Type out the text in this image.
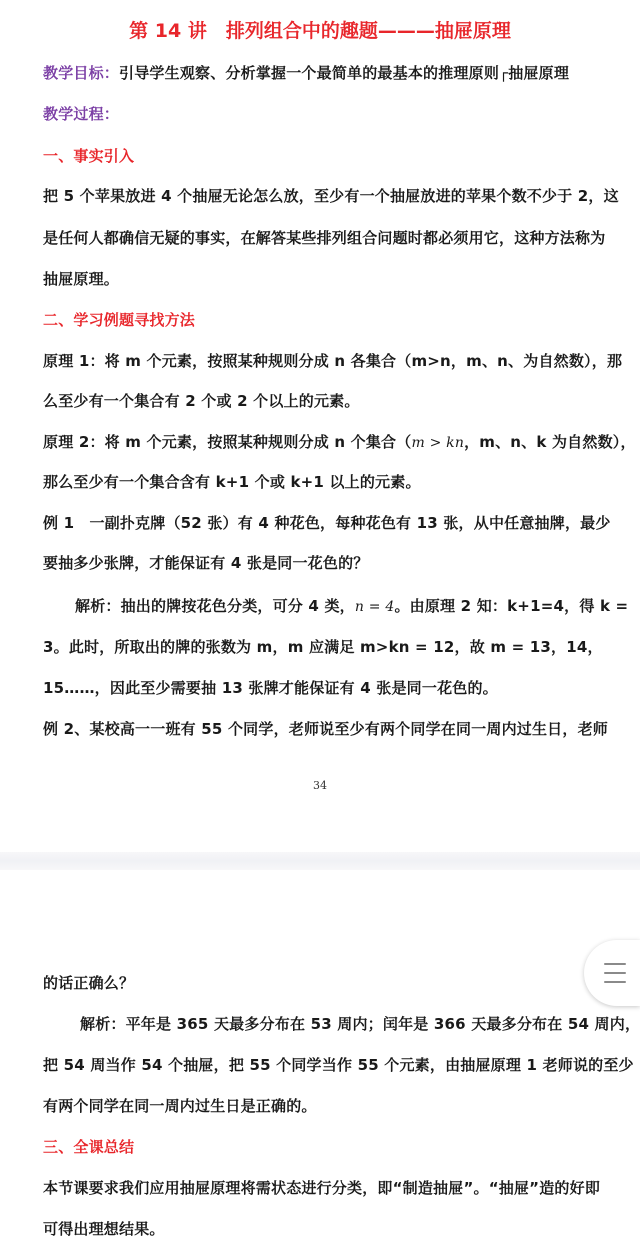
第 14 讲　排列组合中的趣题———抽屉原理
教学目标：引导学生观察、分析掌握一个最简单的最基本的推理原则┌抽屉原理
教学过程：
一、事实引入
把 5 个苹果放进 4 个抽屉无论怎么放，至少有一个抽屉放进的苹果个数不少于 2，这
是任何人都确信无疑的事实，在解答某些排列组合问题时都必须用它，这种方法称为
抽屉原理。
二、学习例题寻找方法
原理 1：将 m 个元素，按照某种规则分成 n 各集合（m>n，m、n、为自然数），那
么至少有一个集合有 2 个或 2 个以上的元素。
原理 2：将 m 个元素，按照某种规则分成 n 个集合（m > kn，m、n、k 为自然数），
那么至少有一个集合含有 k+1 个或 k+1 以上的元素。
例 1　一副扑克牌（52 张）有 4 种花色，每种花色有 13 张，从中任意抽牌，最少
要抽多少张牌，才能保证有 4 张是同一花色的？
解析：抽出的牌按花色分类，可分 4 类，n = 4。由原理 2 知：k+1=4，得 k =
3。此时，所取出的牌的张数为 m，m 应满足 m>kn = 12，故 m = 13，14，
15……，因此至少需要抽 13 张牌才能保证有 4 张是同一花色的。
例 2、某校高一一班有 55 个同学，老师说至少有两个同学在同一周内过生日，老师
34
的话正确么？
解析：平年是 365 天最多分布在 53 周内；闰年是 366 天最多分布在 54 周内，
把 54 周当作 54 个抽屉，把 55 个同学当作 55 个元素，由抽屉原理 1 老师说的至少
有两个同学在同一周内过生日是正确的。
三、全课总结
本节课要求我们应用抽屉原理将需状态进行分类，即“制造抽屉”。“抽屉”造的好即
可得出理想结果。
